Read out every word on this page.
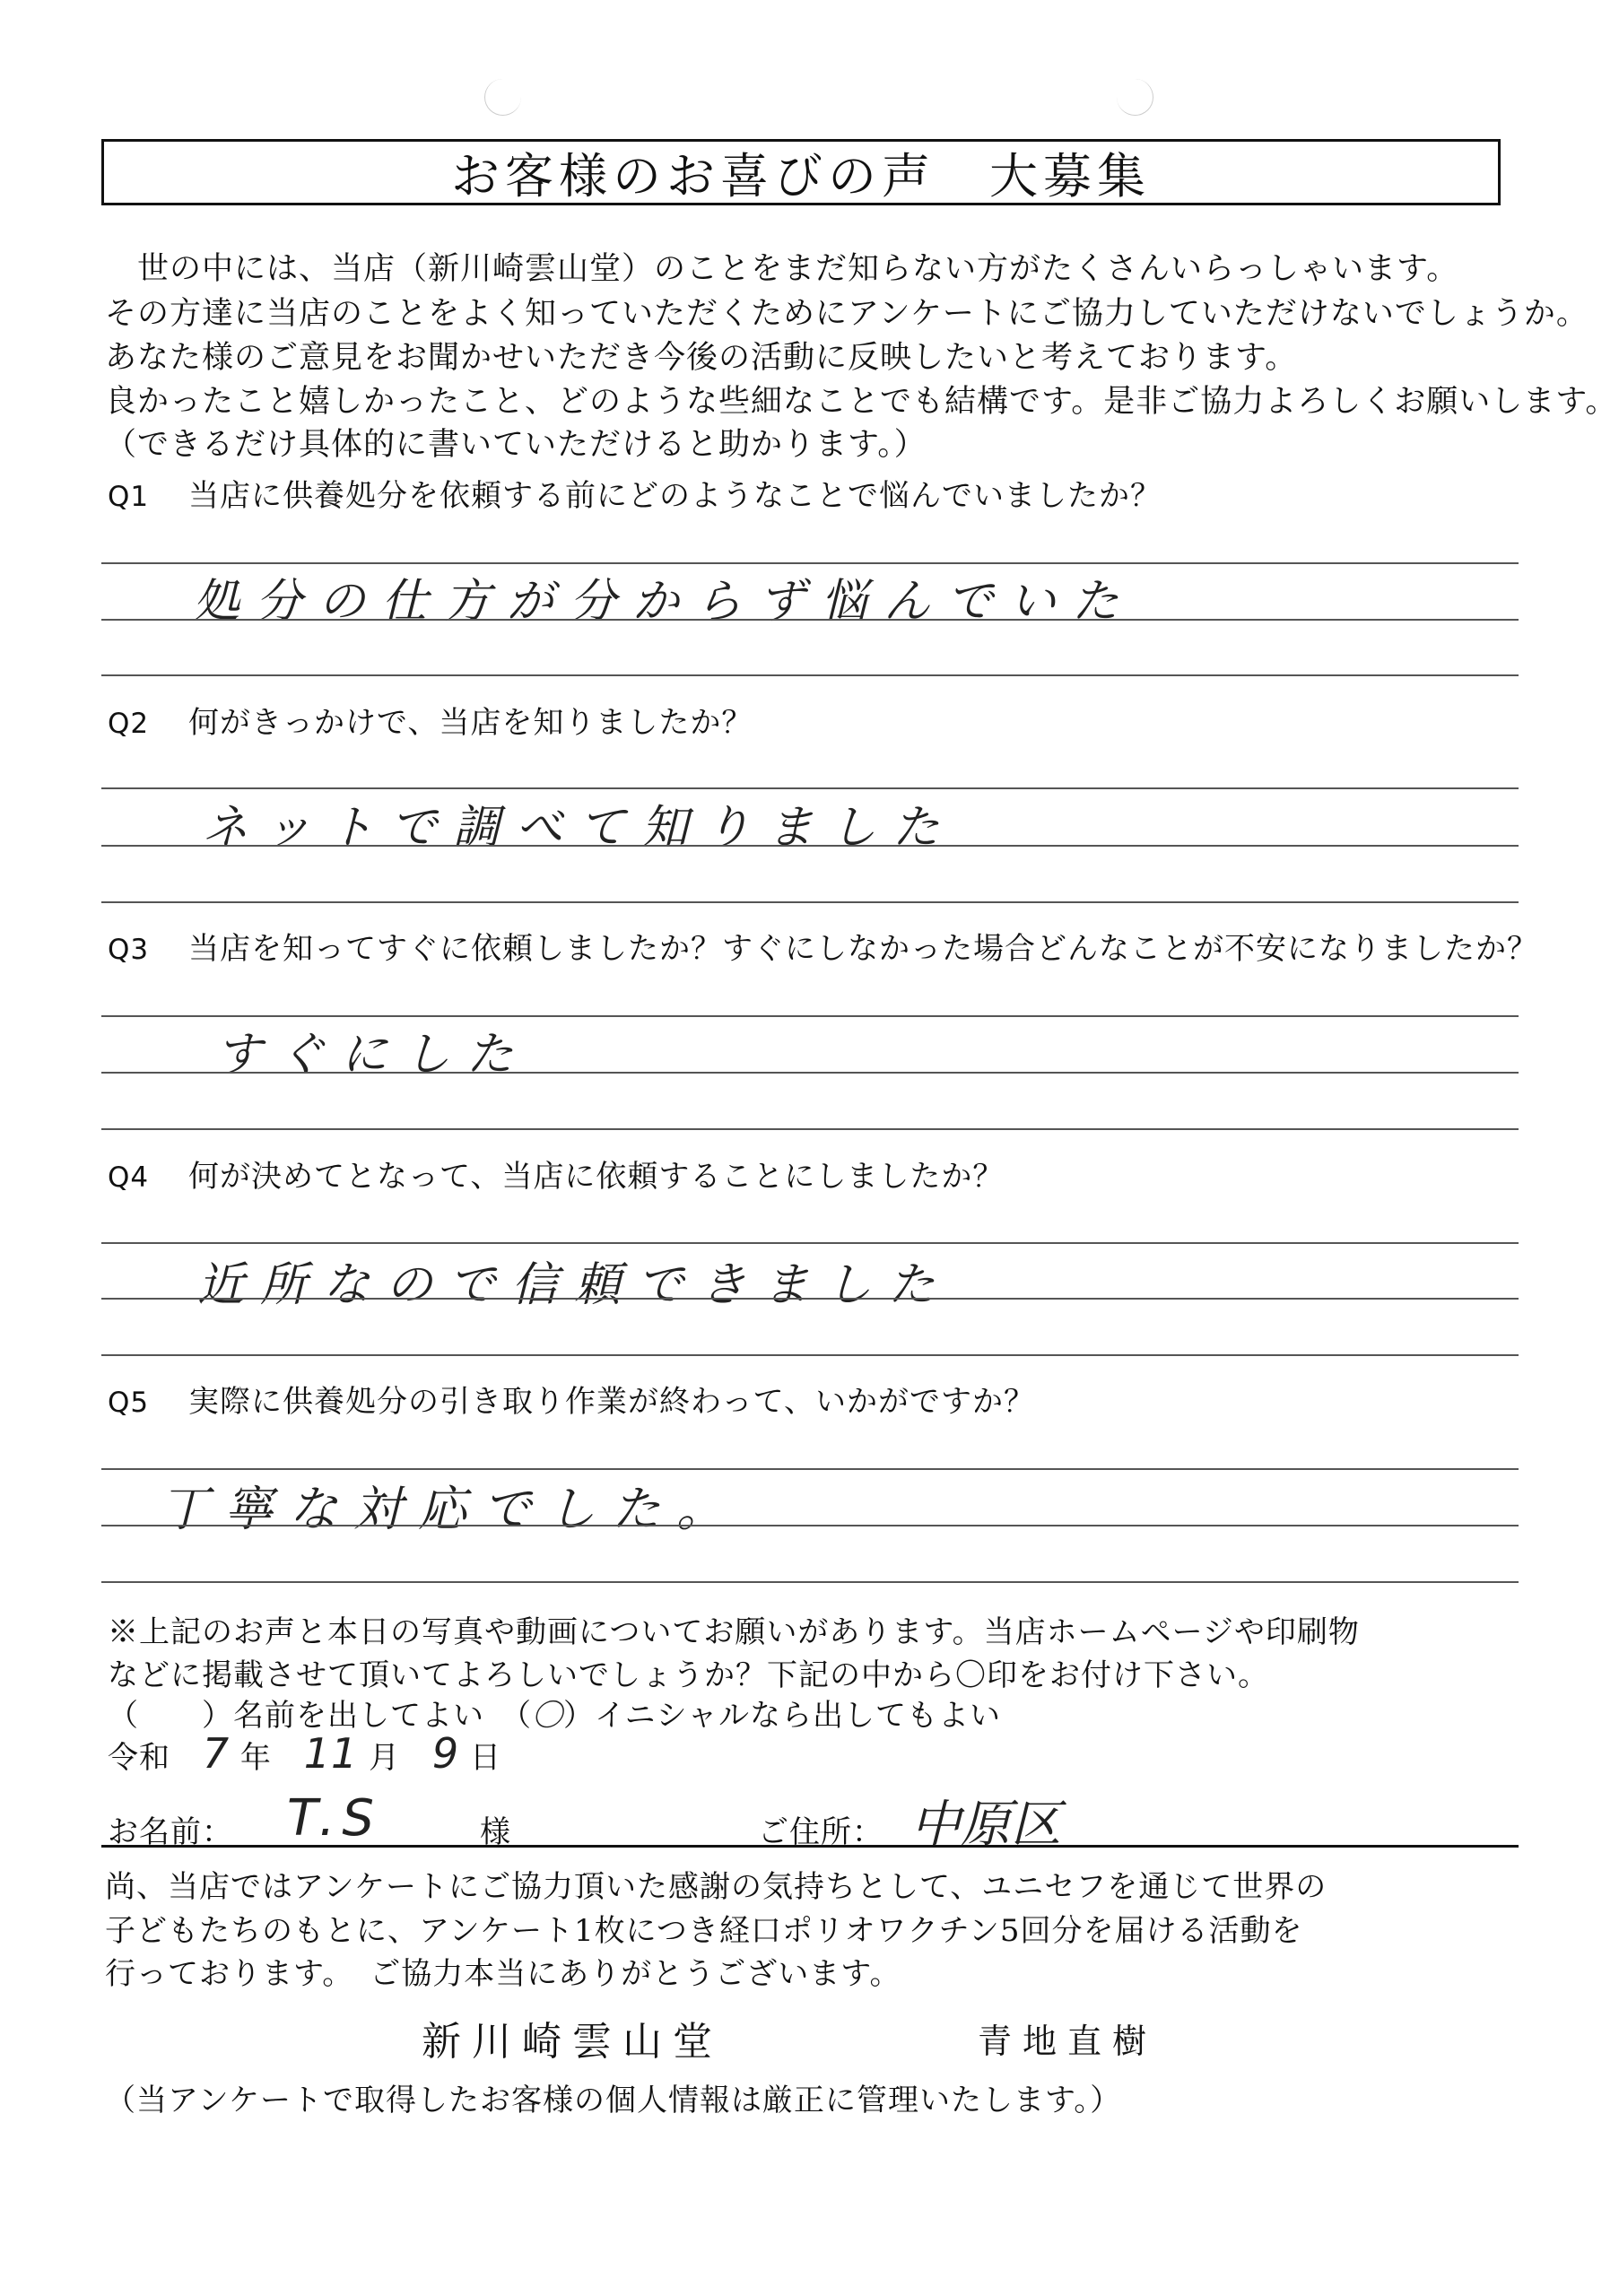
お客様のお喜びの声　大募集
　世の中には、当店（新川崎雲山堂）のことをまだ知らない方がたくさんいらっしゃいます。
その方達に当店のことをよく知っていただくためにアンケートにご協力していただけないでしょうか。
あなた様のご意見をお聞かせいただき今後の活動に反映したいと考えております。
良かったこと嬉しかったこと、どのような些細なことでも結構です。是非ご協力よろしくお願いします。
（できるだけ具体的に書いていただけると助かります。）
Q1 当店に供養処分を依頼する前にどのようなことで悩んでいましたか？
処分の仕方が分からず悩んでいた
Q2 何がきっかけで、当店を知りましたか？
ネットで調べて知りました
Q3 当店を知ってすぐに依頼しましたか？すぐにしなかった場合どんなことが不安になりましたか？
すぐにした
Q4 何が決めてとなって、当店に依頼することにしましたか？
近所なので信頼できました
Q5 実際に供養処分の引き取り作業が終わって、いかがですか？
丁寧な対応でした。
※上記のお声と本日の写真や動画についてお願いがあります。当店ホームページや印刷物
などに掲載させて頂いてよろしいでしょうか？下記の中から〇印をお付け下さい。
（　　）名前を出してよい　 （〇）イニシャルなら出してもよい
令和 7 年 11 月 9 日
お名前： T.S	様	ご住所： 中原区
尚、当店ではアンケートにご協力頂いた感謝の気持ちとして、ユニセフを通じて世界の
子どもたちのもとに、アンケート1枚につき経口ポリオワクチン5回分を届ける活動を
行っております。　ご協力本当にありがとうございます。
新川崎雲山堂	青地直樹
（当アンケートで取得したお客様の個人情報は厳正に管理いたします。）
